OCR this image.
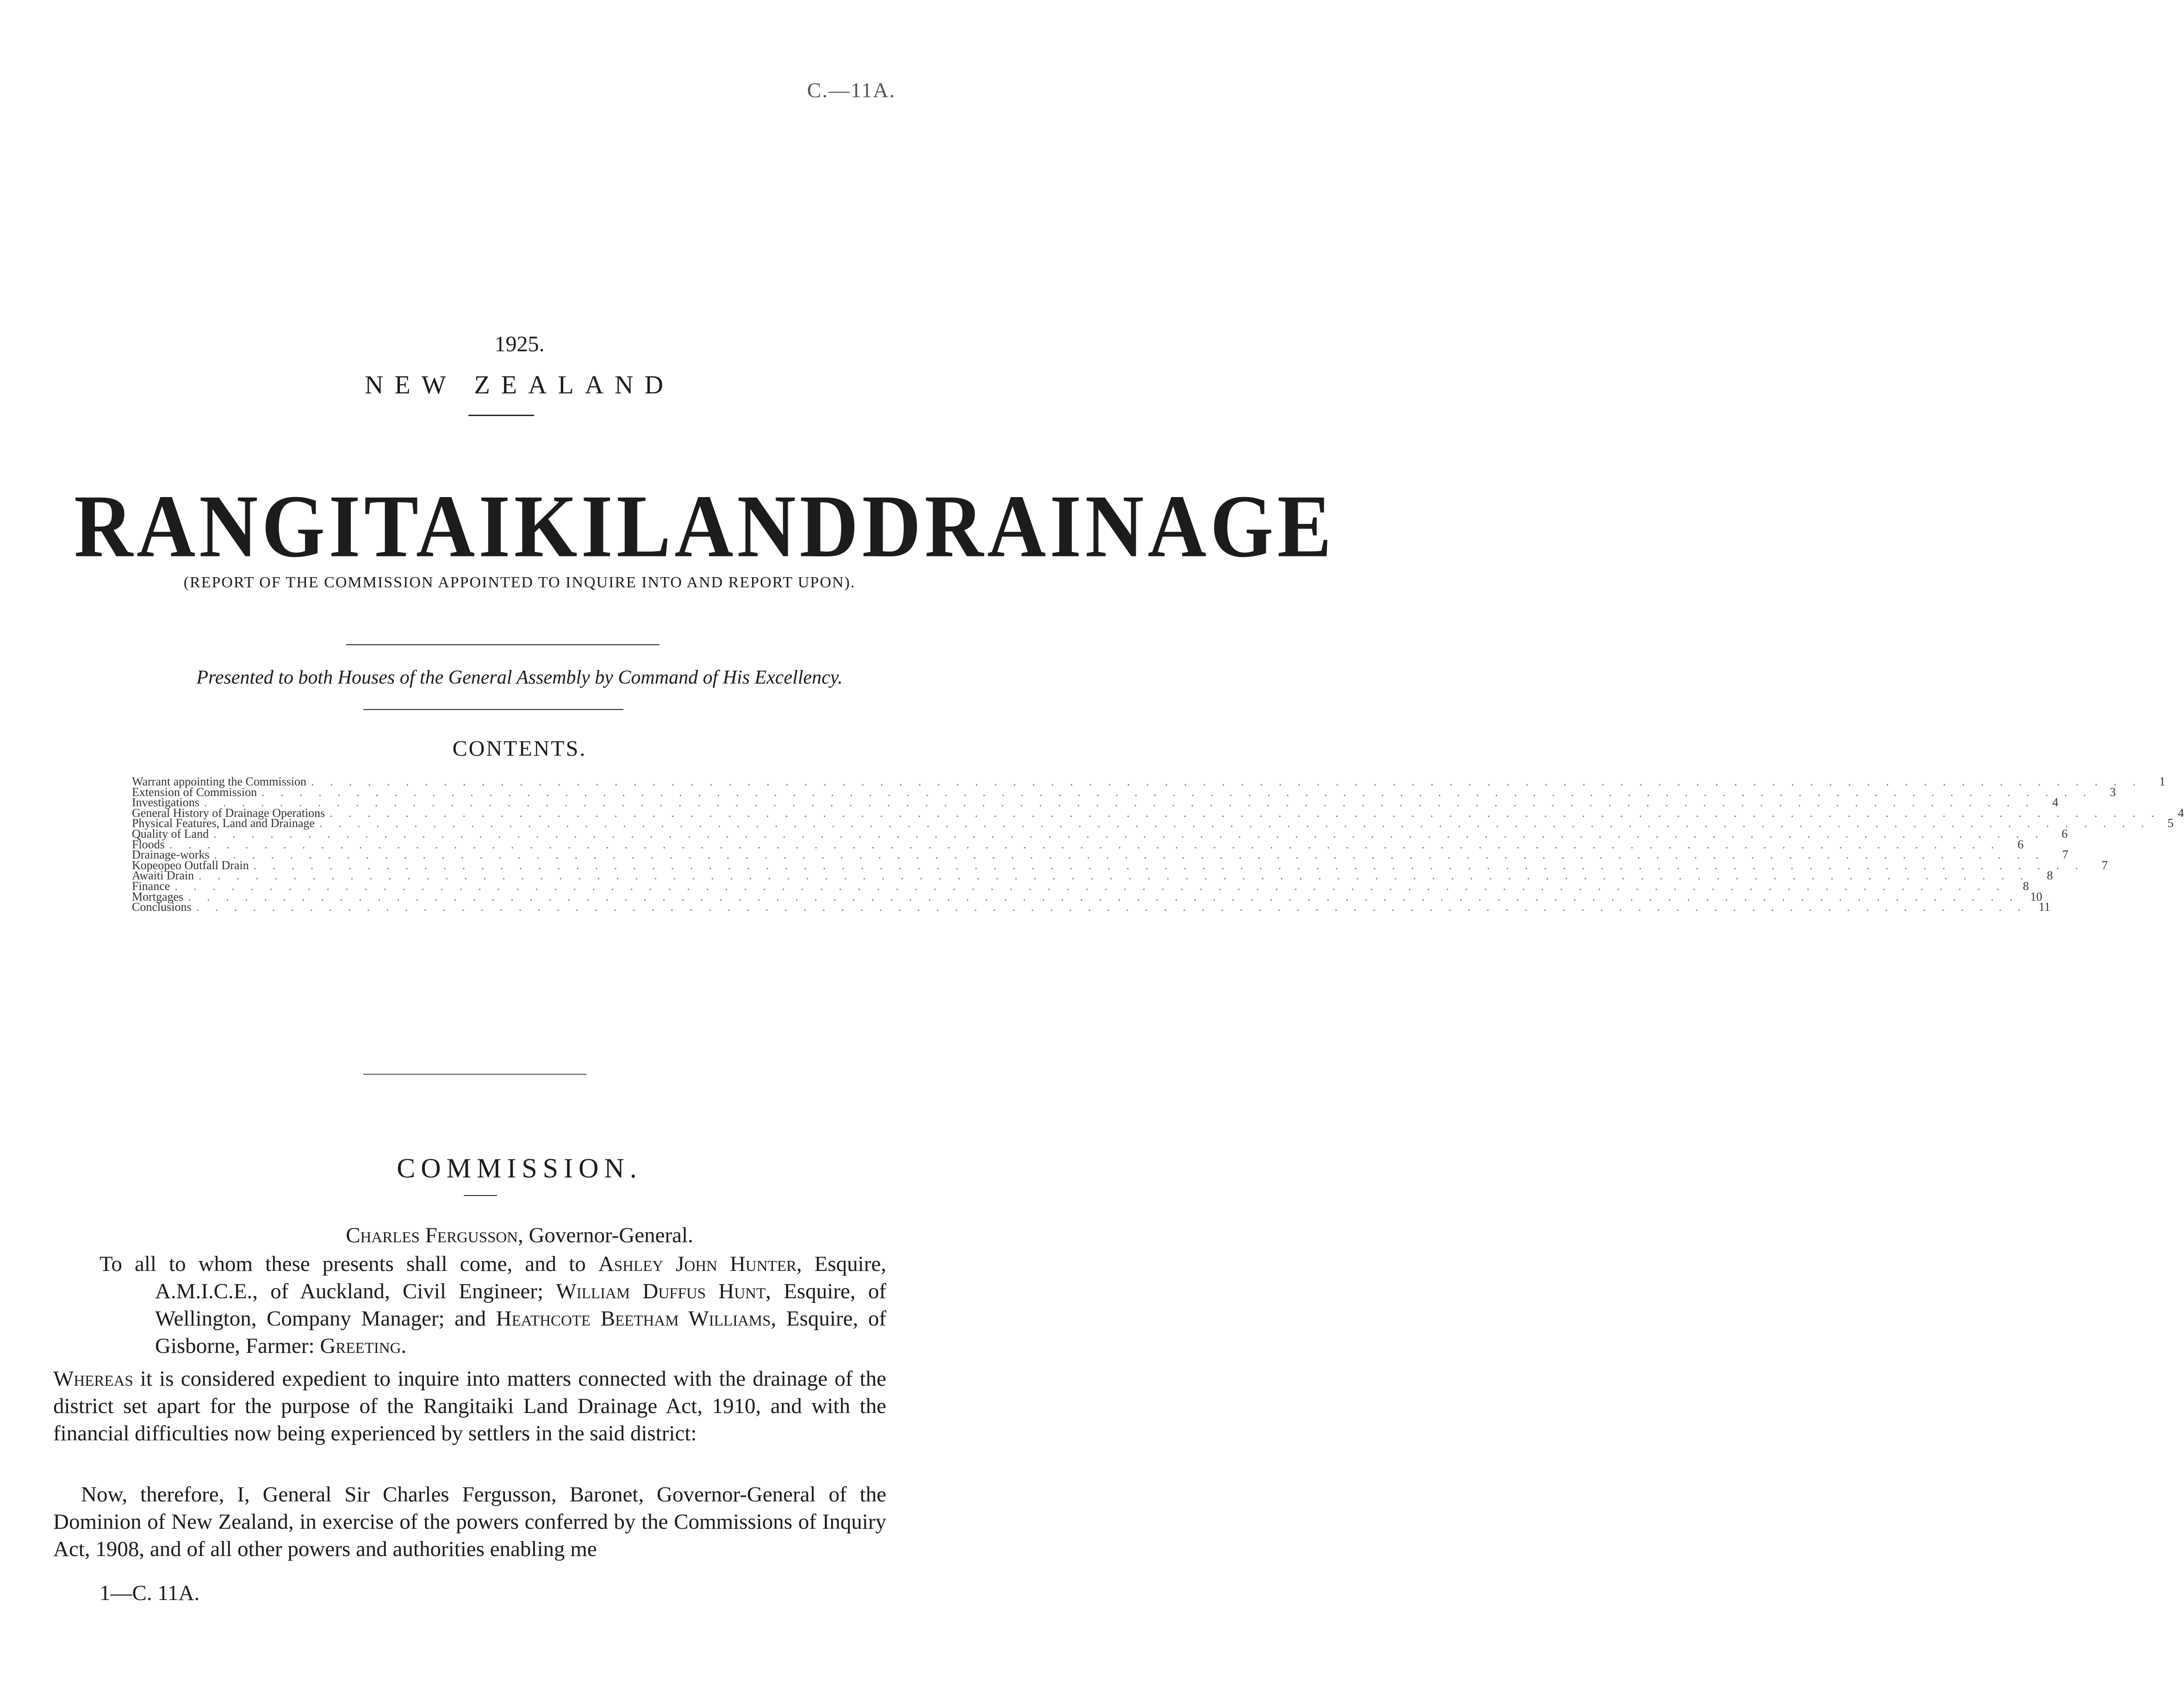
C.—11A.
1925.
NEW ZEALAND
RANGITAIKI LAND DRAINAGE
(REPORT OF THE COMMISSION APPOINTED TO INQUIRE INTO AND REPORT UPON).
Presented to both Houses of the General Assembly by Command of His Excellency.
CONTENTS.
Warrant appointing the Commission . . .	1
Extension of Commission . . .	3
Investigations . . .	4
General History of Drainage Operations . . .	4
Physical Features, Land and Drainage . . .	5
Quality of Land . . .	6
Floods . . .	6
Drainage-works . . .	7
Kopeopeo Outfall Drain . . .	7
Awaiti Drain . . .	8
Finance . . .	8
Mortgages . . .	10
Conclusions . . .	11
COMMISSION.
Charles Fergusson, Governor-General.
To all to whom these presents shall come, and to Ashley John Hunter, Esquire, A.M.I.C.E., of Auckland, Civil Engineer; William Duffus Hunt, Esquire, of Wellington, Company Manager; and Heathcote Beetham Williams, Esquire, of Gisborne, Farmer: Greeting.
Whereas it is considered expedient to inquire into matters connected with the drainage of the district set apart for the purpose of the Rangitaiki Land Drainage Act, 1910, and with the financial difficulties now being experienced by settlers in the said district:
Now, therefore, I, General Sir Charles Fergusson, Baronet, Governor-General of the Dominion of New Zealand, in exercise of the powers conferred by the Commissions of Inquiry Act, 1908, and of all other powers and authorities enabling me
1—C. 11A.
